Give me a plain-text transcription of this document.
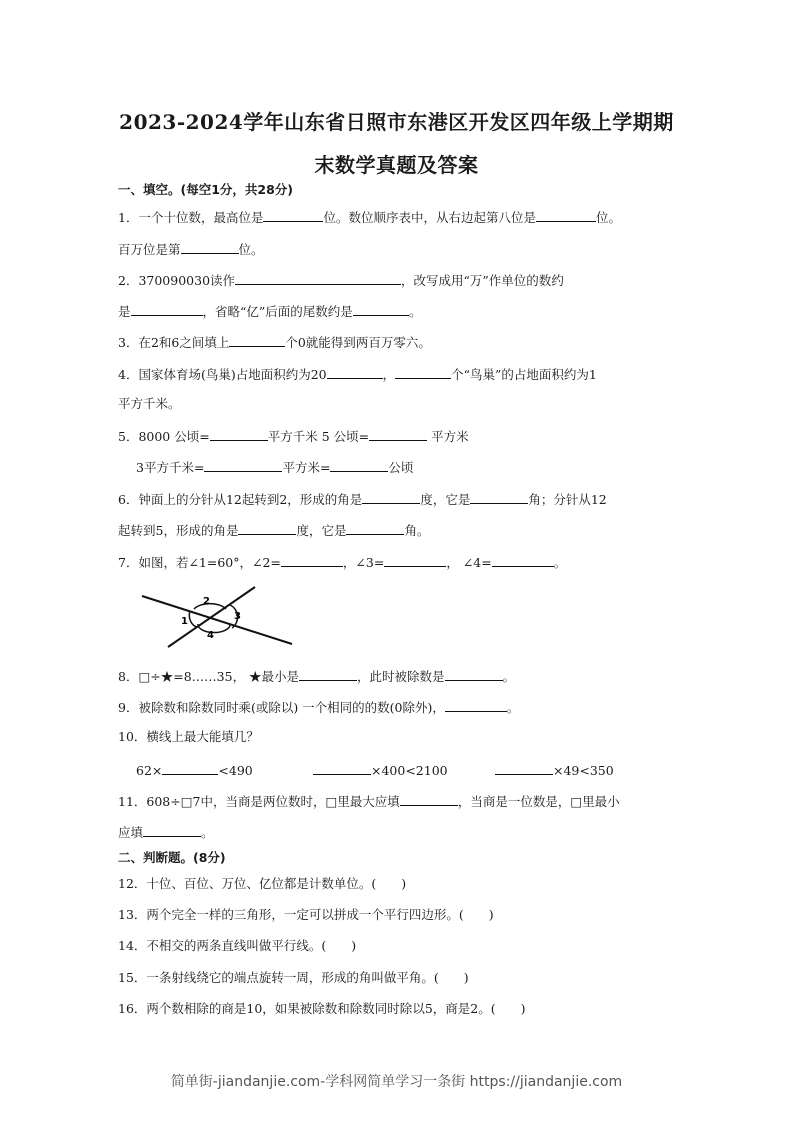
2023-2024学年山东省日照市东港区开发区四年级上学期期
末数学真题及答案
一、填空。(每空1分，共28分)
1．一个十位数，最高位是	位。数位顺序表中，从右边起第八位是	位。
百万位是第	位。
2．370090030读作	，改写成用“万”作单位的数约
是	，省略“亿”后面的尾数约是	。
3．在2和6之间填上	个0就能得到两百万零六。
4．国家体育场(鸟巢)占地面积约为20	，	个“鸟巢”的占地面积约为1
平方千米。
5．8000 公顷=	平方千米 5 公顷=	平方米
3平方千米=	平方米=	公顷
6．钟面上的分针从12起转到2，形成的角是	度，它是	角；分针从12
起转到5，形成的角是	度，它是	角。
7．如图，若∠1=60°，∠2=	，∠3=	， ∠4=	。
2
1	3
4
8．□÷★=8……35， ★最小是	，此时被除数是	。
9．被除数和除数同时乘(或除以) 一个相同的的数(0除外)，	。
10．横线上最大能填几？
62×	<490	×400<2100	×49<350
11．608÷□7中，当商是两位数时，□里最大应填	，当商是一位数是，□里最小
应填	。
二、判断题。(8分)
12．十位、百位、万位、亿位都是计数单位。(　　)
13．两个完全一样的三角形，一定可以拼成一个平行四边形。(　　)
14．不相交的两条直线叫做平行线。(　　)
15．一条射线绕它的端点旋转一周，形成的角叫做平角。(　　)
16．两个数相除的商是10，如果被除数和除数同时除以5，商是2。(　　)
简单街-jiandanjie.com-学科网简单学习一条街 https://jiandanjie.com
